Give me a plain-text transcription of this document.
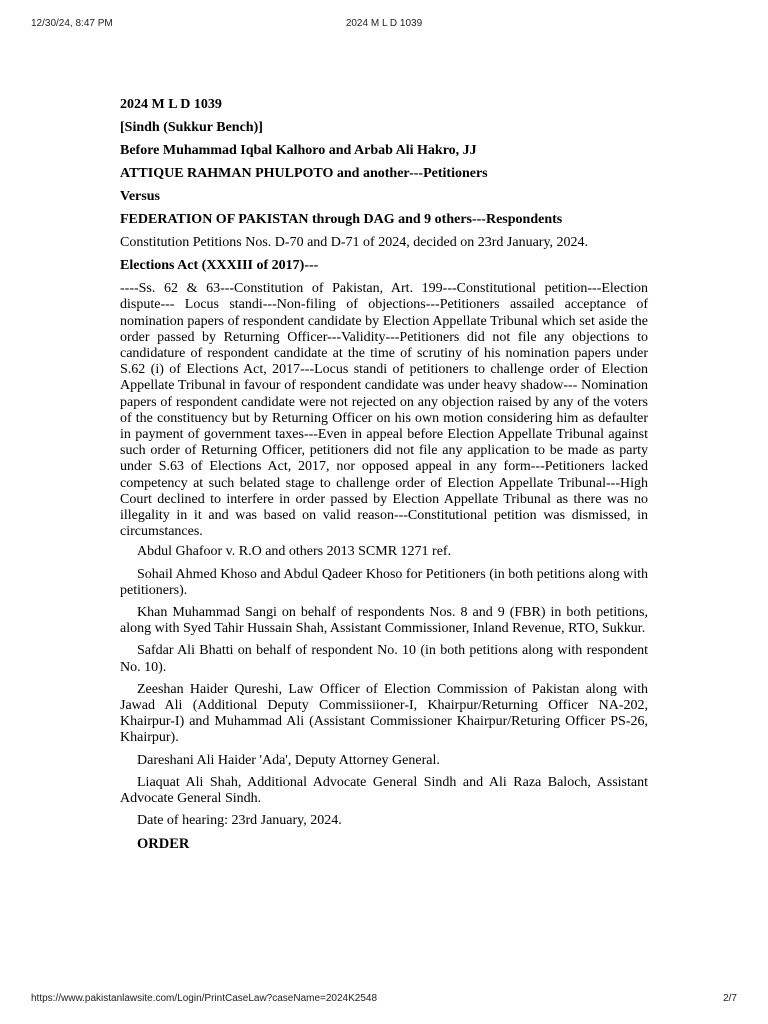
12/30/24, 8:47 PM	2024 M L D 1039

2024 M L D 1039

[Sindh (Sukkur Bench)]

Before Muhammad Iqbal Kalhoro and Arbab Ali Hakro, JJ

ATTIQUE RAHMAN PHULPOTO and another---Petitioners

Versus

FEDERATION OF PAKISTAN through DAG and 9 others---Respondents

Constitution Petitions Nos. D-70 and D-71 of 2024, decided on 23rd January, 2024.

Elections Act (XXXIII of 2017)---

----Ss. 62 & 63---Constitution of Pakistan, Art. 199---Constitutional petition---Election dispute--- Locus standi---Non-filing of objections---Petitioners assailed acceptance of nomination papers of respondent candidate by Election Appellate Tribunal which set aside the order passed by Returning Officer---Validity---Petitioners did not file any objections to candidature of respondent candidate at the time of scrutiny of his nomination papers under S.62 (i) of Elections Act, 2017---Locus standi of petitioners to challenge order of Election Appellate Tribunal in favour of respondent candidate was under heavy shadow--- Nomination papers of respondent candidate were not rejected on any objection raised by any of the voters of the constituency but by Returning Officer on his own motion considering him as defaulter in payment of government taxes---Even in appeal before Election Appellate Tribunal against such order of Returning Officer, petitioners did not file any application to be made as party under S.63 of Elections Act, 2017, nor opposed appeal in any form---Petitioners lacked competency at such belated stage to challenge order of Election Appellate Tribunal---High Court declined to interfere in order passed by Election Appellate Tribunal as there was no illegality in it and was based on valid reason---Constitutional petition was dismissed, in circumstances.

Abdul Ghafoor v. R.O and others 2013 SCMR 1271 ref.

Sohail Ahmed Khoso and Abdul Qadeer Khoso for Petitioners (in both petitions along with petitioners).

Khan Muhammad Sangi on behalf of respondents Nos. 8 and 9 (FBR) in both petitions, along with Syed Tahir Hussain Shah, Assistant Commissioner, Inland Revenue, RTO, Sukkur.

Safdar Ali Bhatti on behalf of respondent No. 10 (in both petitions along with respondent No. 10).

Zeeshan Haider Qureshi, Law Officer of Election Commission of Pakistan along with Jawad Ali (Additional Deputy Commissiioner-I, Khairpur/Returning Officer NA-202, Khairpur-I) and Muhammad Ali (Assistant Commissioner Khairpur/Returing Officer PS-26, Khairpur).

Dareshani Ali Haider 'Ada', Deputy Attorney General.

Liaquat Ali Shah, Additional Advocate General Sindh and Ali Raza Baloch, Assistant Advocate General Sindh.

Date of hearing: 23rd January, 2024.

ORDER

https://www.pakistanlawsite.com/Login/PrintCaseLaw?caseName=2024K2548	2/7
